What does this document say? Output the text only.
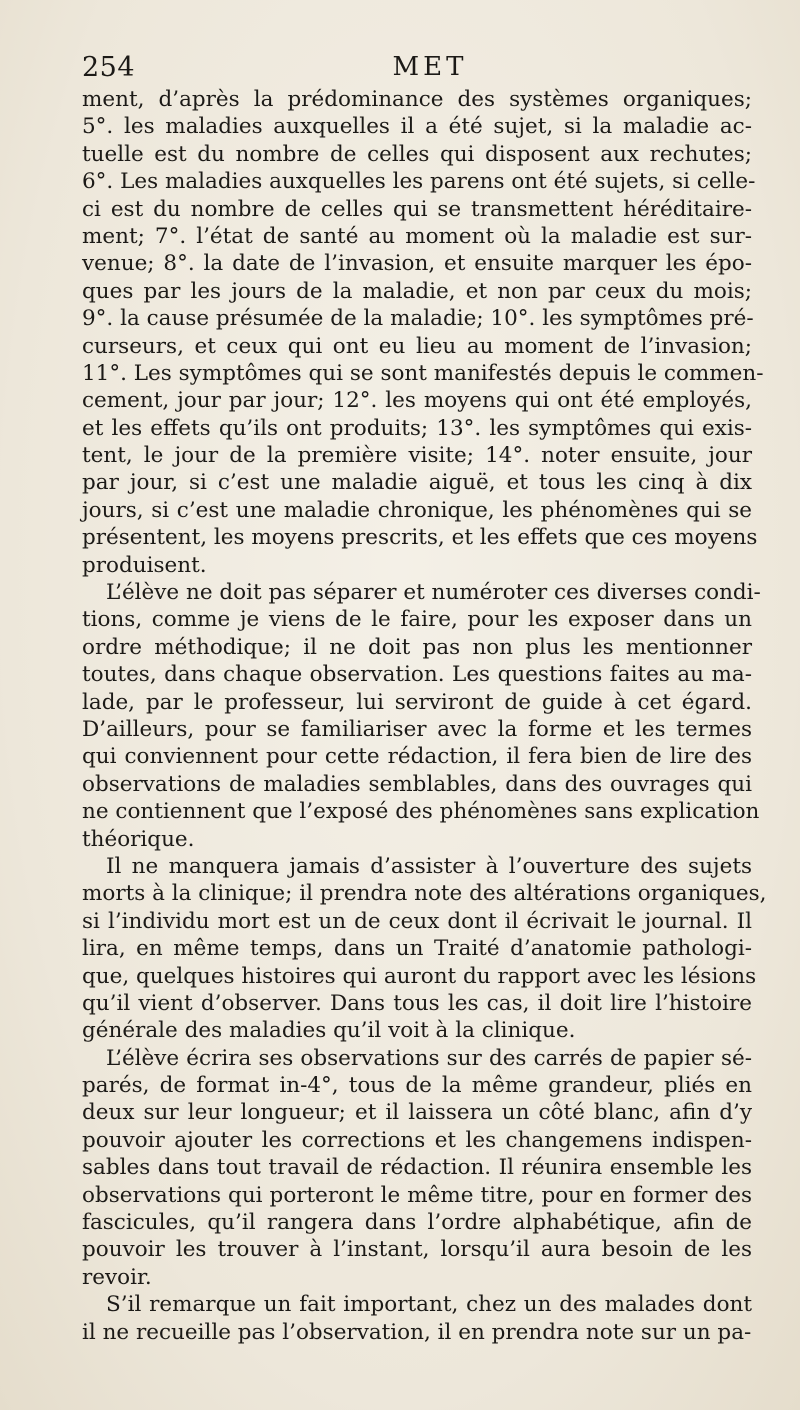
254	MET
ment, d’après la prédominance des systèmes organiques;
5°. les maladies auxquelles il a été sujet, si la maladie ac-
tuelle est du nombre de celles qui disposent aux rechutes;
6°. Les maladies auxquelles les parens ont été sujets, si celle-
ci est du nombre de celles qui se transmettent héréditaire-
ment; 7°. l’état de santé au moment où la maladie est sur-
venue; 8°. la date de l’invasion, et ensuite marquer les épo-
ques par les jours de la maladie, et non par ceux du mois;
9°. la cause présumée de la maladie; 10°. les symptômes pré-
curseurs, et ceux qui ont eu lieu au moment de l’invasion;
11°. Les symptômes qui se sont manifestés depuis le commen-
cement, jour par jour; 12°. les moyens qui ont été employés,
et les effets qu’ils ont produits; 13°. les symptômes qui exis-
tent, le jour de la première visite; 14°. noter ensuite, jour
par jour, si c’est une maladie aiguë, et tous les cinq à dix
jours, si c’est une maladie chronique, les phénomènes qui se
présentent, les moyens prescrits, et les effets que ces moyens
produisent.
L’élève ne doit pas séparer et numéroter ces diverses condi-
tions, comme je viens de le faire, pour les exposer dans un
ordre méthodique; il ne doit pas non plus les mentionner
toutes, dans chaque observation. Les questions faites au ma-
lade, par le professeur, lui serviront de guide à cet égard.
D’ailleurs, pour se familiariser avec la forme et les termes
qui conviennent pour cette rédaction, il fera bien de lire des
observations de maladies semblables, dans des ouvrages qui
ne contiennent que l’exposé des phénomènes sans explication
théorique.
Il ne manquera jamais d’assister à l’ouverture des sujets
morts à la clinique; il prendra note des altérations organiques,
si l’individu mort est un de ceux dont il écrivait le journal. Il
lira, en même temps, dans un Traité d’anatomie pathologi-
que, quelques histoires qui auront du rapport avec les lésions
qu’il vient d’observer. Dans tous les cas, il doit lire l’histoire
générale des maladies qu’il voit à la clinique.
L’élève écrira ses observations sur des carrés de papier sé-
parés, de format in-4°, tous de la même grandeur, pliés en
deux sur leur longueur; et il laissera un côté blanc, afin d’y
pouvoir ajouter les corrections et les changemens indispen-
sables dans tout travail de rédaction. Il réunira ensemble les
observations qui porteront le même titre, pour en former des
fascicules, qu’il rangera dans l’ordre alphabétique, afin de
pouvoir les trouver à l’instant, lorsqu’il aura besoin de les
revoir.
S’il remarque un fait important, chez un des malades dont
il ne recueille pas l’observation, il en prendra note sur un pa-
